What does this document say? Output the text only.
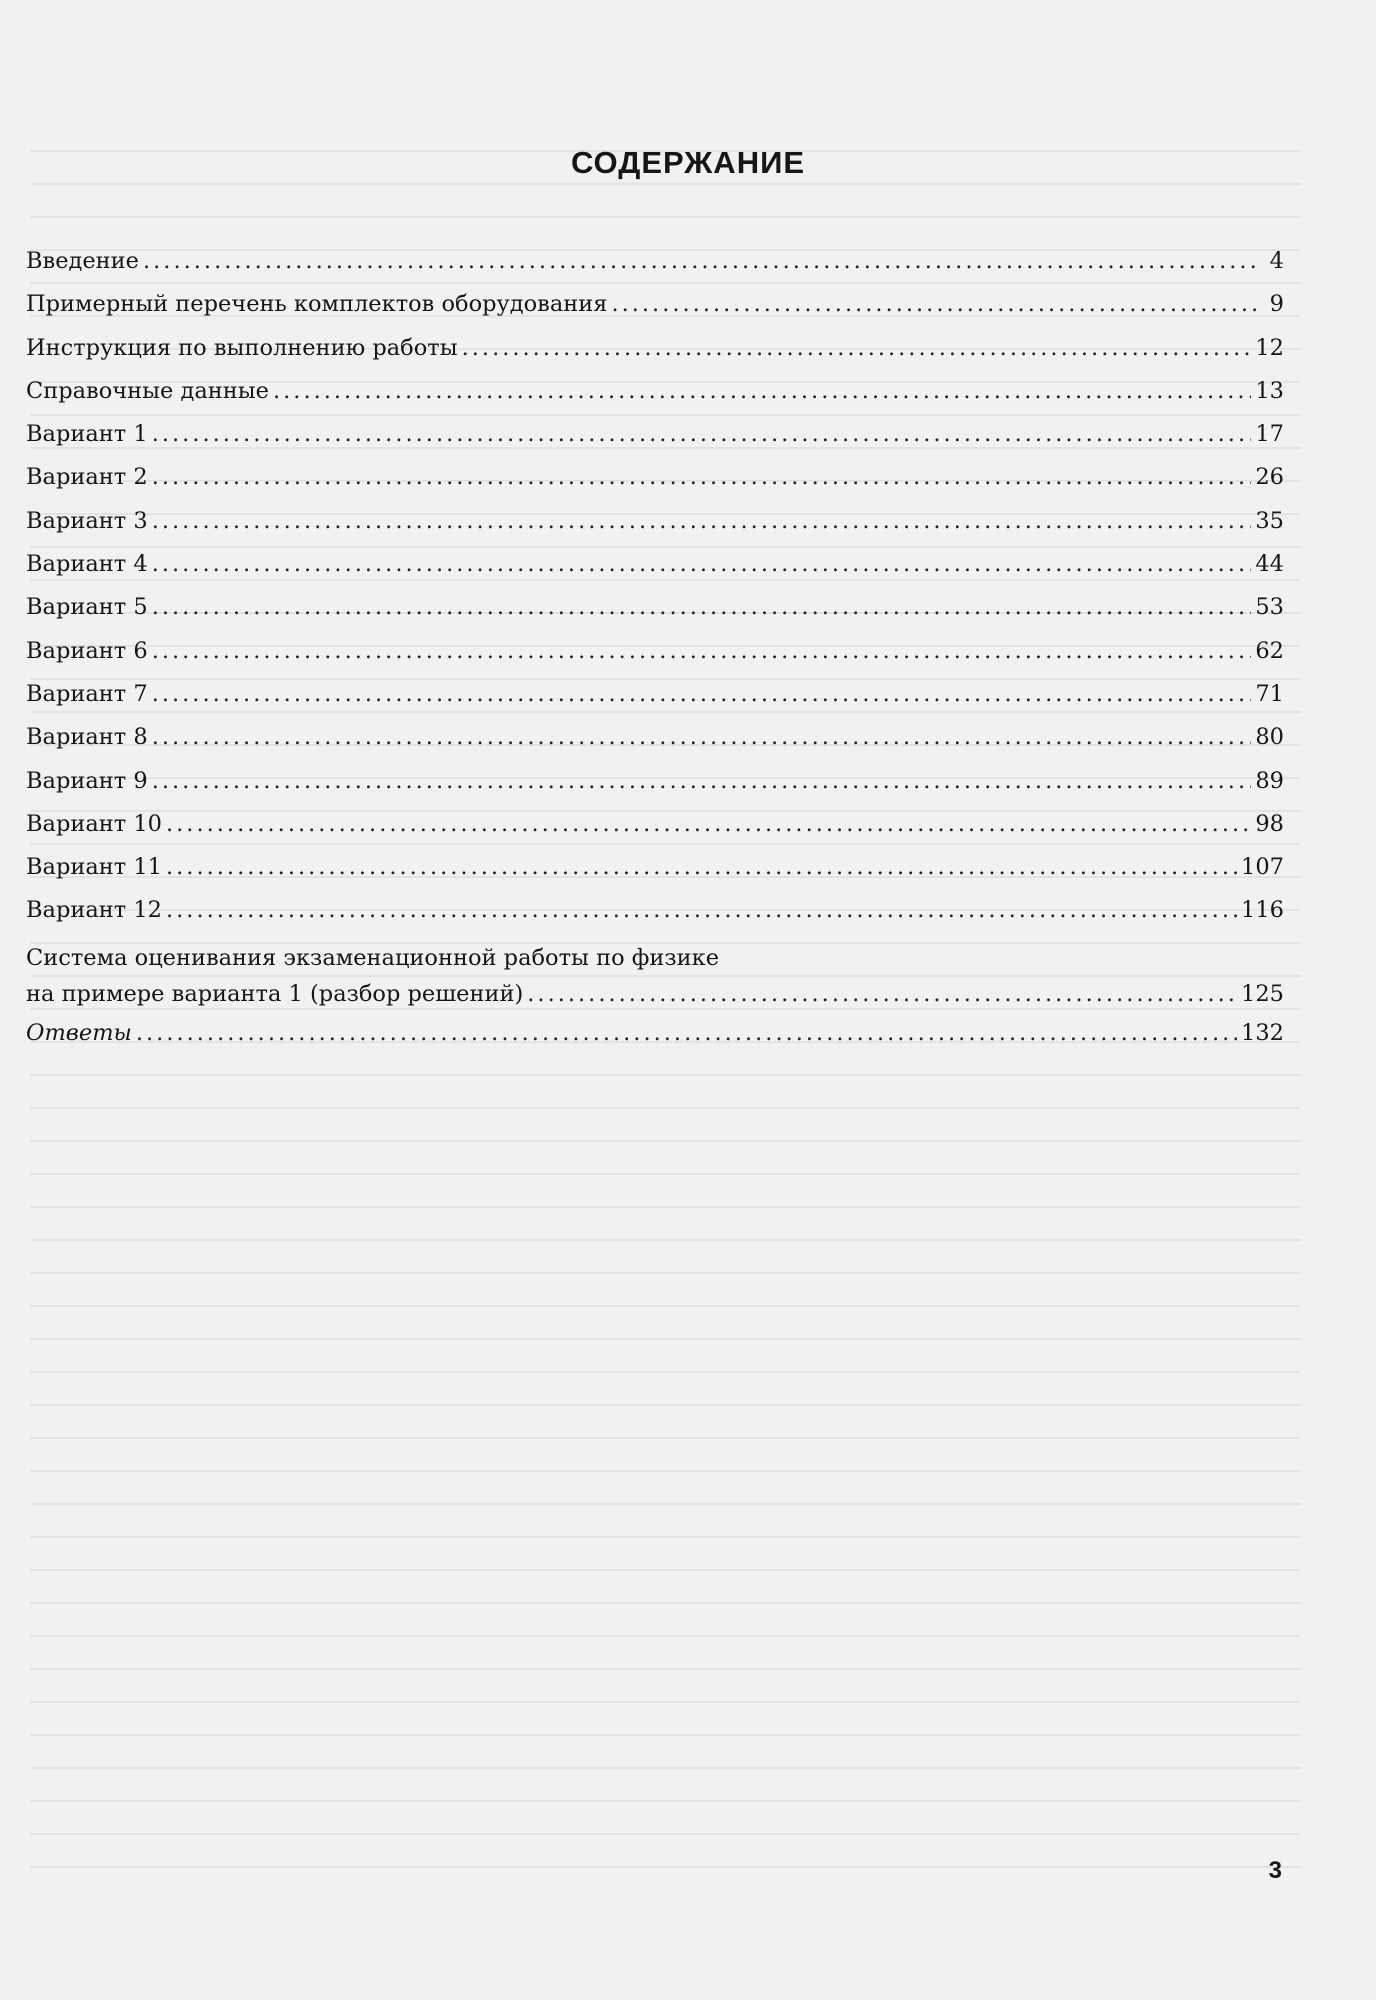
СОДЕРЖАНИЕ
Введение .....	4
Примерный перечень комплектов оборудования .....	9
Инструкция по выполнению работы .....	12
Справочные данные .....	13
Вариант 1 .....	17
Вариант 2 .....	26
Вариант 3 .....	35
Вариант 4 .....	44
Вариант 5 .....	53
Вариант 6 .....	62
Вариант 7 .....	71
Вариант 8 .....	80
Вариант 9 .....	89
Вариант 10 .....	98
Вариант 11 .....	107
Вариант 12 .....	116
Система оценивания экзаменационной работы по физике
на примере варианта 1 (разбор решений) .....	125
Ответы .....	132
3
